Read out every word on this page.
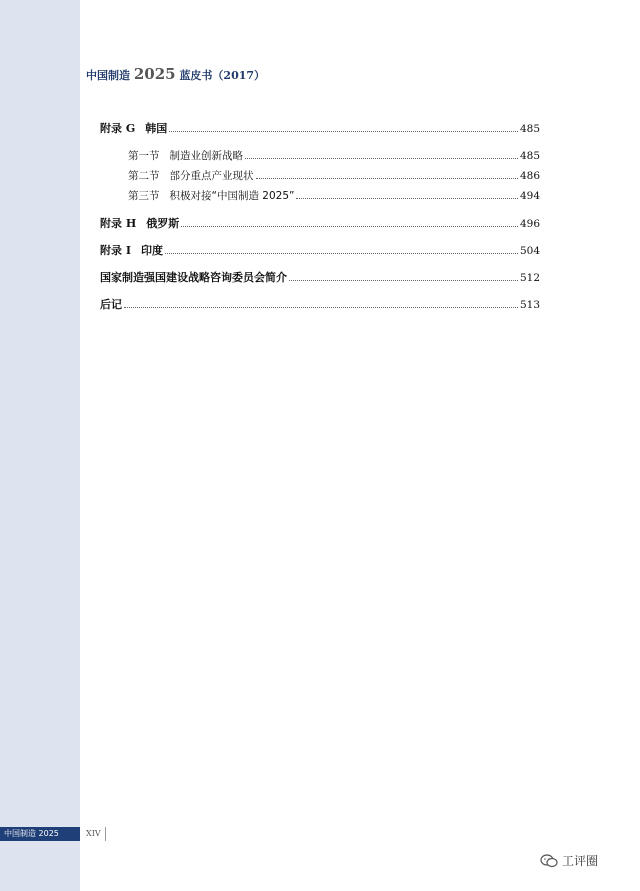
中国制造 2025 蓝皮书（2017）
附录 G 韩国	485
第一节 制造业创新战略	485
第二节 部分重点产业现状	486
第三节 积极对接“中国制造 2025”	494
附录 H 俄罗斯	496
附录 I 印度	504
国家制造强国建设战略咨询委员会简介	512
后记	513
中国制造 2025	XIV
工评圈
